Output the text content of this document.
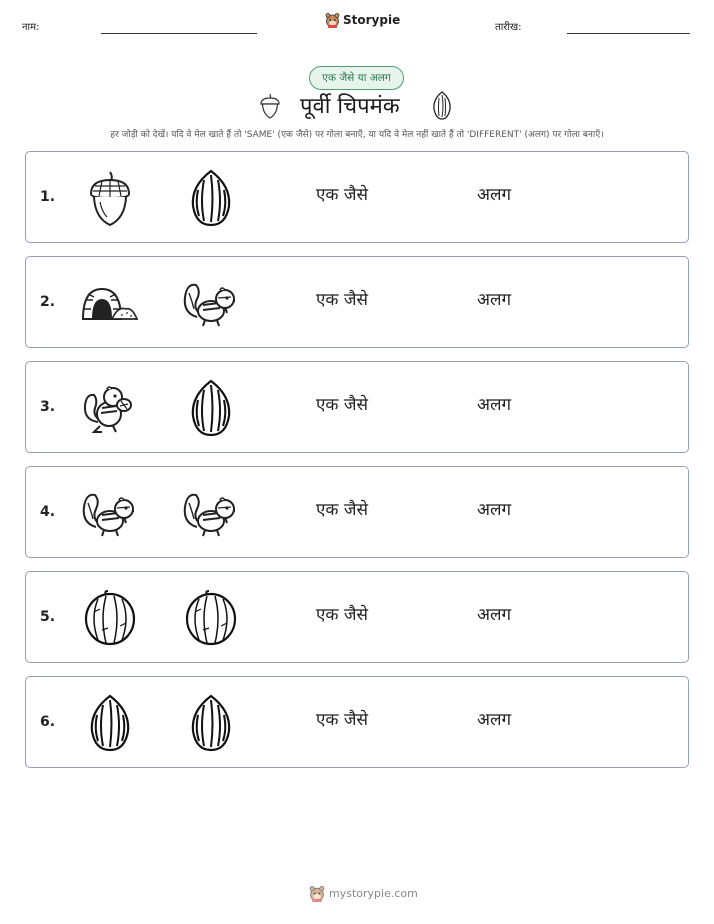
नाम:
Storypie
तारीख:
एक जैसे या अलग
पूर्वी चिपमंक
हर जोड़ी को देखें। यदि वे मेल खाते हैं तो 'SAME' (एक जैसे) पर गोला बनाएँ, या यदि वे मेल नहीं खाते हैं तो 'DIFFERENT' (अलग) पर गोला बनाएँ।
1.	एक जैसे	अलग
2.	एक जैसे	अलग
3.	एक जैसे	अलग
4.	एक जैसे	अलग
5.	एक जैसे	अलग
6.	एक जैसे	अलग
mystorypie.com
